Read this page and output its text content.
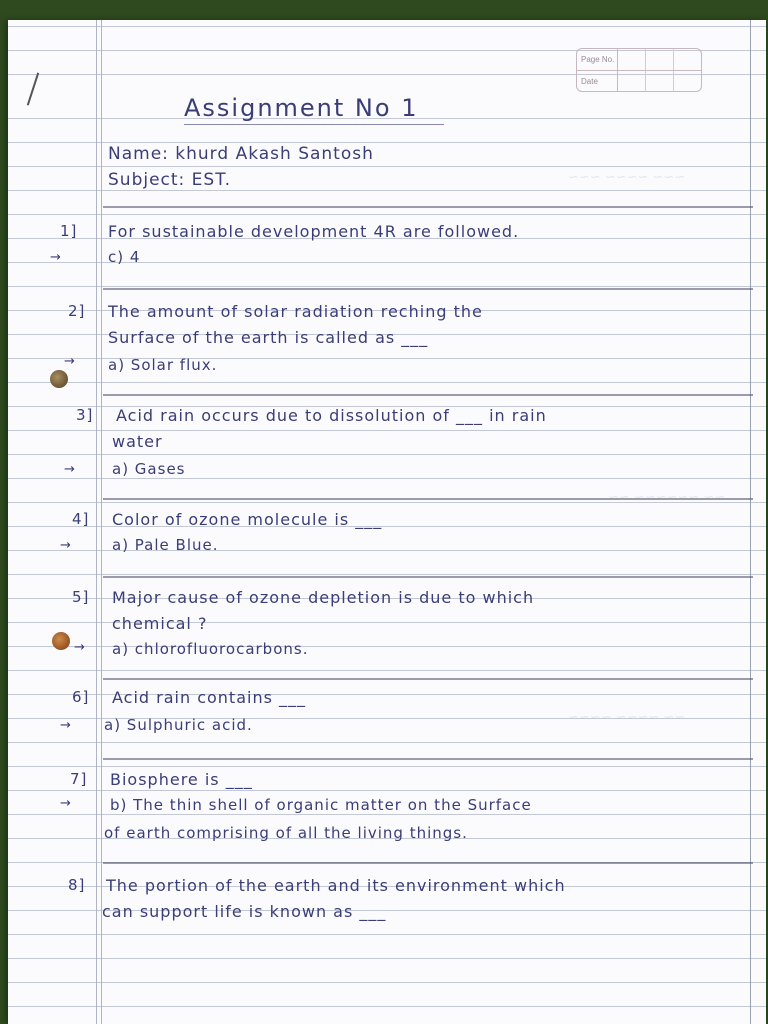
Page No.
Date
Assignment No 1
Name: khurd Akash Santosh
Subject: EST.	~~~ ~~~~ ~~~
~~ ~~~~ ~~~~
1] For sustainable development 4R are followed.
→	c) 4
2] The amount of solar radiation reching the
Surface of the earth is called as ___
→ a) Solar flux.
3] Acid rain occurs due to dissolution of ___ in rain
water
→ a) Gases
4] Color of ozone molecule is ___
→	a) Pale Blue.
5] Major cause of ozone depletion is due to which
chemical ?
→ a) chlorofluorocarbons.
6] Acid rain contains ___
→ a) Sulphuric acid.
7] Biosphere is ___
→	b) The thin shell of organic matter on the Surface
of earth comprising of all the living things.
8] The portion of the earth and its environment which
can support life is known as ___
